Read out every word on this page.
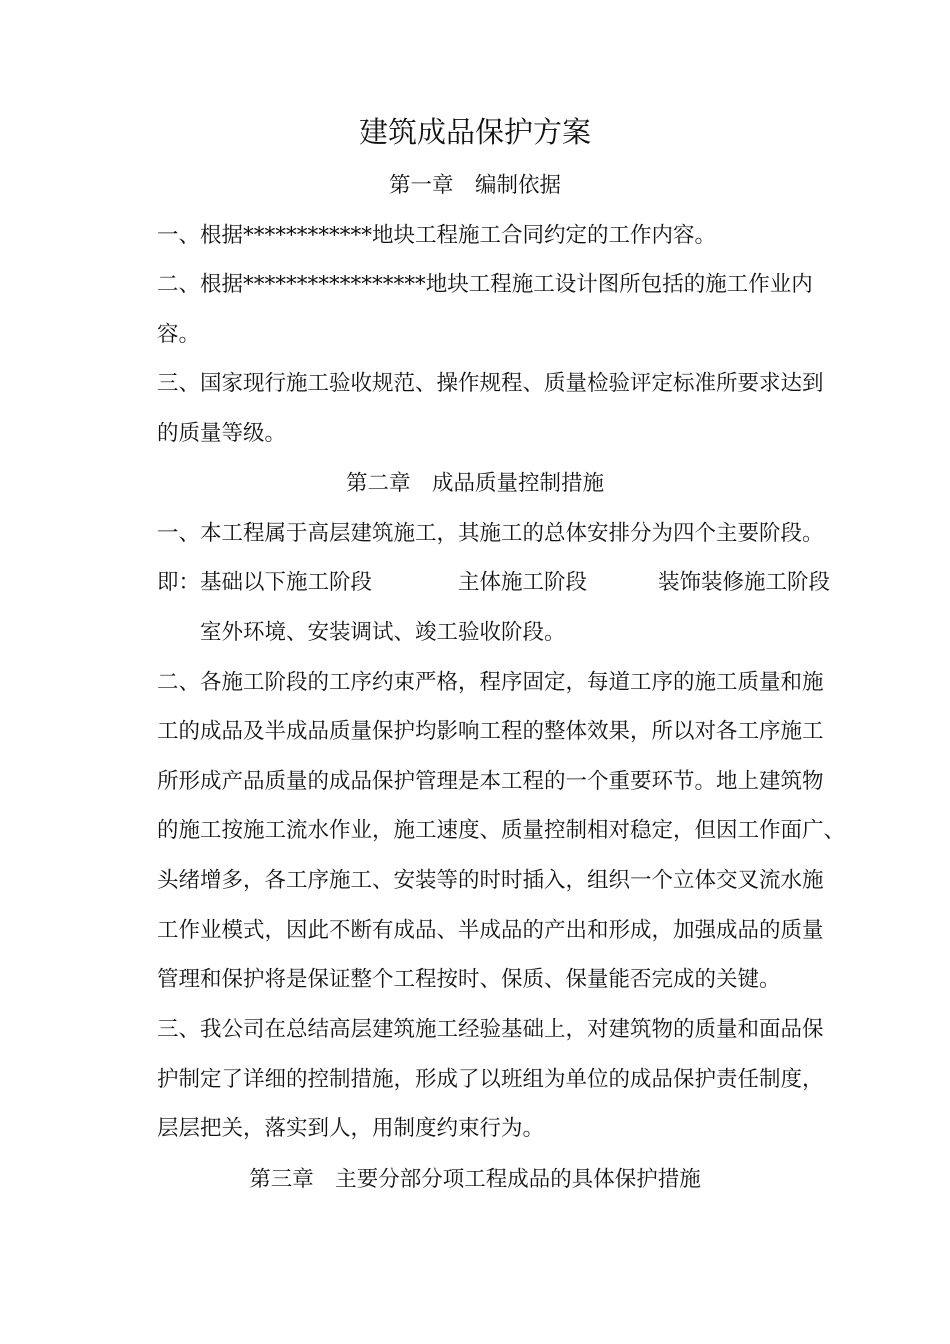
建筑成品保护方案
第一章　编制依据
一、根据************地块工程施工合同约定的工作内容。
二、根据*****************地块工程施工设计图所包括的施工作业内
容。
三、国家现行施工验收规范、操作规程、质量检验评定标准所要求达到
的质量等级。
第二章　成品质量控制措施
一、本工程属于高层建筑施工，其施工的总体安排分为四个主要阶段。
即：基础以下施工阶段	主体施工阶段	装饰装修施工阶段
室外环境、安装调试、竣工验收阶段。
二、各施工阶段的工序约束严格，程序固定，每道工序的施工质量和施
工的成品及半成品质量保护均影响工程的整体效果，所以对各工序施工
所形成产品质量的成品保护管理是本工程的一个重要环节。地上建筑物
的施工按施工流水作业，施工速度、质量控制相对稳定，但因工作面广、
头绪增多，各工序施工、安装等的时时插入，组织一个立体交叉流水施
工作业模式，因此不断有成品、半成品的产出和形成，加强成品的质量
管理和保护将是保证整个工程按时、保质、保量能否完成的关键。
三、我公司在总结高层建筑施工经验基础上，对建筑物的质量和面品保
护制定了详细的控制措施，形成了以班组为单位的成品保护责任制度，
层层把关，落实到人，用制度约束行为。
第三章　主要分部分项工程成品的具体保护措施
